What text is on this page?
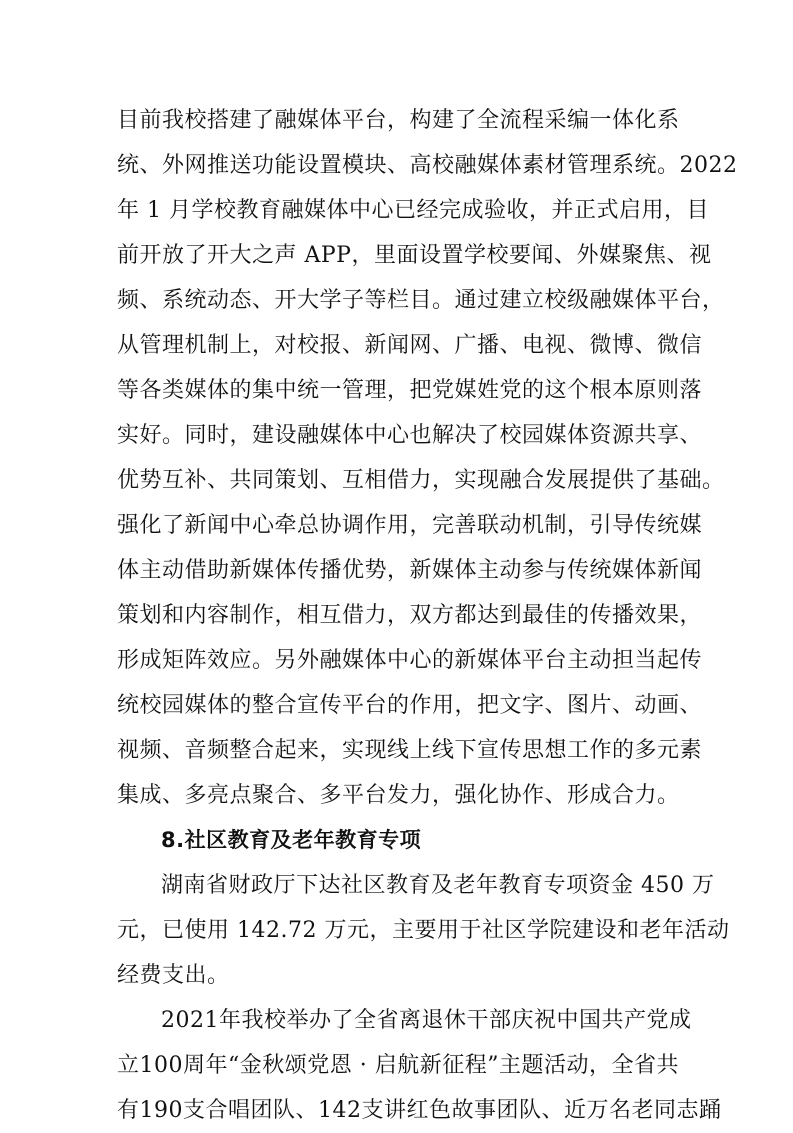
目前我校搭建了融媒体平台，构建了全流程采编一体化系
统、外网推送功能设置模块、高校融媒体素材管理系统。2022
年 1 月学校教育融媒体中心已经完成验收，并正式启用，目
前开放了开大之声 APP，里面设置学校要闻、外媒聚焦、视
频、系统动态、开大学子等栏目。通过建立校级融媒体平台，
从管理机制上，对校报、新闻网、广播、电视、微博、微信
等各类媒体的集中统一管理，把党媒姓党的这个根本原则落
实好。同时，建设融媒体中心也解决了校园媒体资源共享、
优势互补、共同策划、互相借力，实现融合发展提供了基础。
强化了新闻中心牵总协调作用，完善联动机制，引导传统媒
体主动借助新媒体传播优势，新媒体主动参与传统媒体新闻
策划和内容制作，相互借力，双方都达到最佳的传播效果，
形成矩阵效应。另外融媒体中心的新媒体平台主动担当起传
统校园媒体的整合宣传平台的作用，把文字、图片、动画、
视频、音频整合起来，实现线上线下宣传思想工作的多元素
集成、多亮点聚合、多平台发力，强化协作、形成合力。
8.社区教育及老年教育专项
湖南省财政厅下达社区教育及老年教育专项资金 450 万
元，已使用 142.72 万元，主要用于社区学院建设和老年活动
经费支出。
2021年我校举办了全省离退休干部庆祝中国共产党成
立100周年“金秋颂党恩 · 启航新征程”主题活动，全省共
有190支合唱团队、142支讲红色故事团队、近万名老同志踊
